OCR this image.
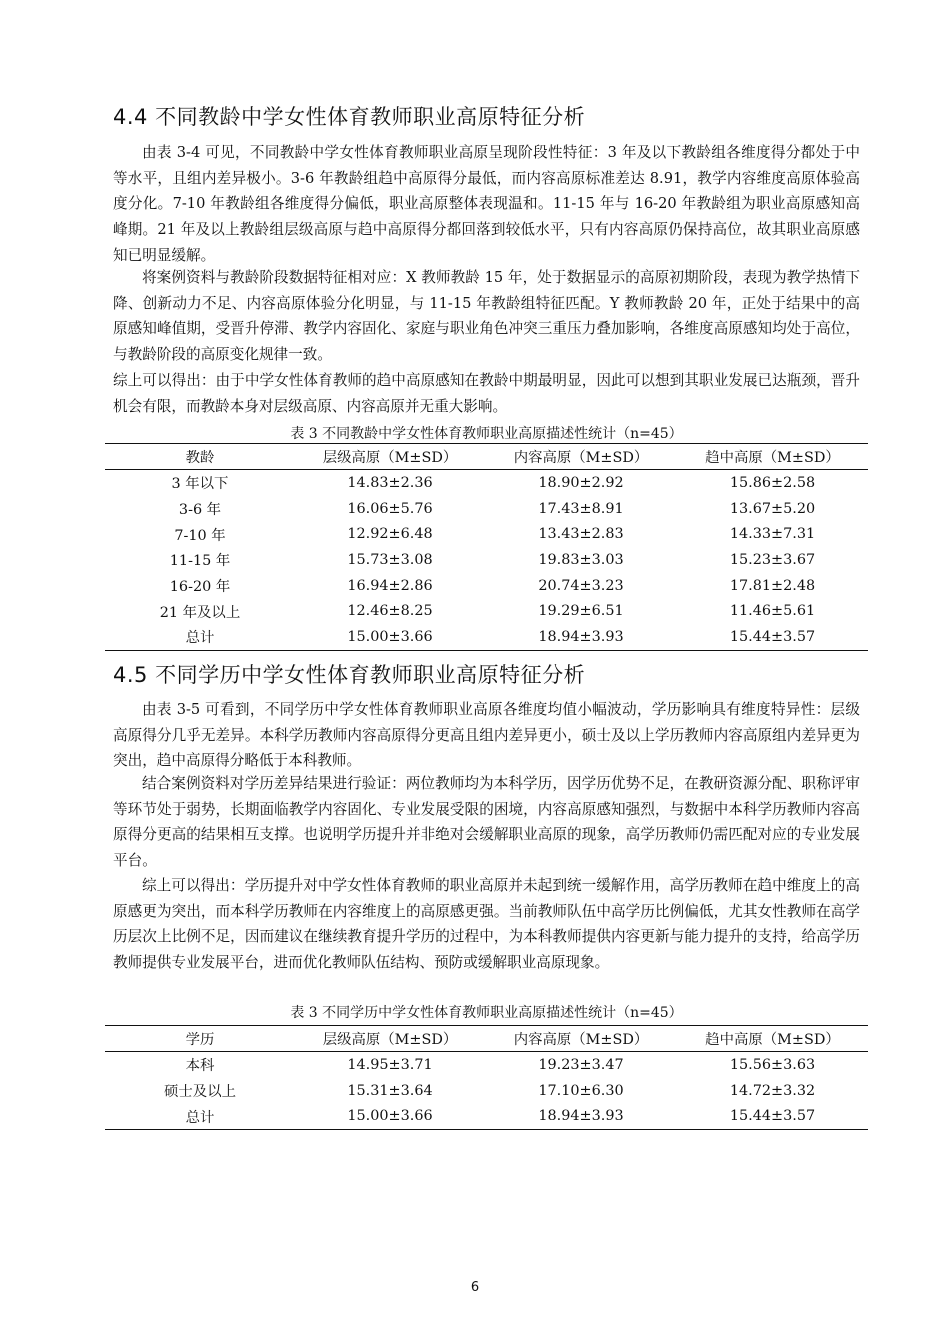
4.4 不同教龄中学女性体育教师职业高原特征分析

由表 3-4 可见，不同教龄中学女性体育教师职业高原呈现阶段性特征：3 年及以下教龄组各维度得分都处于中等水平，且组内差异极小。3-6 年教龄组趋中高原得分最低，而内容高原标准差达 8.91，教学内容维度高原体验高度分化。7-10 年教龄组各维度得分偏低，职业高原整体表现温和。11-15 年与 16-20 年教龄组为职业高原感知高峰期。21 年及以上教龄组层级高原与趋中高原得分都回落到较低水平，只有内容高原仍保持高位，故其职业高原感知已明显缓解。

将案例资料与教龄阶段数据特征相对应：X 教师教龄 15 年，处于数据显示的高原初期阶段，表现为教学热情下降、创新动力不足、内容高原体验分化明显，与 11-15 年教龄组特征匹配。Y 教师教龄 20 年，正处于结果中的高原感知峰值期，受晋升停滞、教学内容固化、家庭与职业角色冲突三重压力叠加影响，各维度高原感知均处于高位，与教龄阶段的高原变化规律一致。

综上可以得出：由于中学女性体育教师的趋中高原感知在教龄中期最明显，因此可以想到其职业发展已达瓶颈，晋升机会有限，而教龄本身对层级高原、内容高原并无重大影响。

表 3 不同教龄中学女性体育教师职业高原描述性统计（n=45）

教龄	层级高原（M±SD）	内容高原（M±SD）	趋中高原（M±SD）
3 年以下	14.83±2.36	18.90±2.92	15.86±2.58
3-6 年	16.06±5.76	17.43±8.91	13.67±5.20
7-10 年	12.92±6.48	13.43±2.83	14.33±7.31
11-15 年	15.73±3.08	19.83±3.03	15.23±3.67
16-20 年	16.94±2.86	20.74±3.23	17.81±2.48
21 年及以上	12.46±8.25	19.29±6.51	11.46±5.61
总计	15.00±3.66	18.94±3.93	15.44±3.57
4.5 不同学历中学女性体育教师职业高原特征分析

由表 3-5 可看到，不同学历中学女性体育教师职业高原各维度均值小幅波动，学历影响具有维度特异性：层级高原得分几乎无差异。本科学历教师内容高原得分更高且组内差异更小，硕士及以上学历教师内容高原组内差异更为突出，趋中高原得分略低于本科教师。

结合案例资料对学历差异结果进行验证：两位教师均为本科学历，因学历优势不足，在教研资源分配、职称评审等环节处于弱势，长期面临教学内容固化、专业发展受限的困境，内容高原感知强烈，与数据中本科学历教师内容高原得分更高的结果相互支撑。也说明学历提升并非绝对会缓解职业高原的现象，高学历教师仍需匹配对应的专业发展平台。

综上可以得出：学历提升对中学女性体育教师的职业高原并未起到统一缓解作用，高学历教师在趋中维度上的高原感更为突出，而本科学历教师在内容维度上的高原感更强。当前教师队伍中高学历比例偏低，尤其女性教师在高学历层次上比例不足，因而建议在继续教育提升学历的过程中，为本科教师提供内容更新与能力提升的支持，给高学历教师提供专业发展平台，进而优化教师队伍结构、预防或缓解职业高原现象。

表 3 不同学历中学女性体育教师职业高原描述性统计（n=45）

学历	层级高原（M±SD）	内容高原（M±SD）	趋中高原（M±SD）
本科	14.95±3.71	19.23±3.47	15.56±3.63
硕士及以上	15.31±3.64	17.10±6.30	14.72±3.32
总计	15.00±3.66	18.94±3.93	15.44±3.57
6
